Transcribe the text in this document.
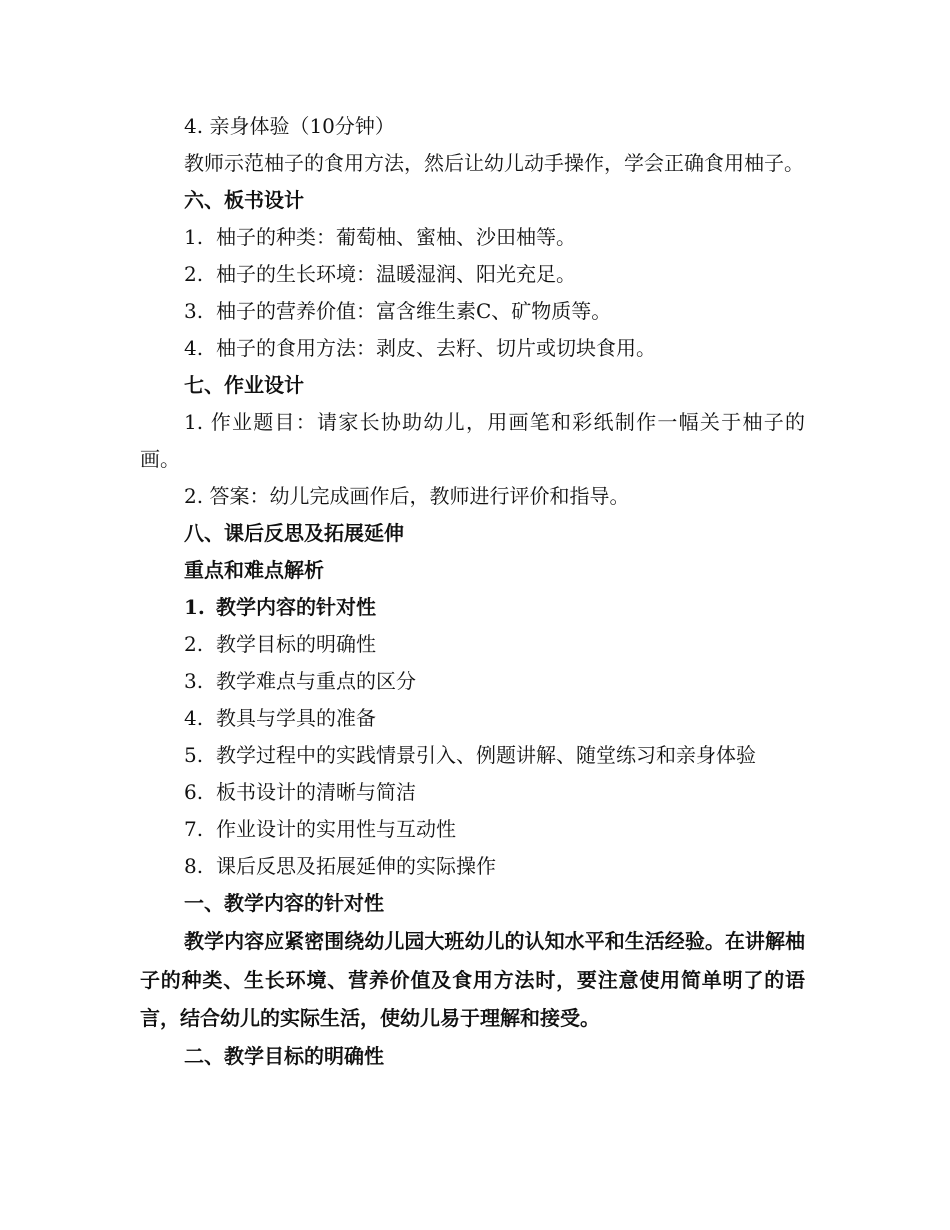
4. 亲身体验（10分钟）
教师示范柚子的食用方法，然后让幼儿动手操作，学会正确食用柚子。
六、板书设计
1. 柚子的种类：葡萄柚、蜜柚、沙田柚等。
2. 柚子的生长环境：温暖湿润、阳光充足。
3. 柚子的营养价值：富含维生素C、矿物质等。
4. 柚子的食用方法：剥皮、去籽、切片或切块食用。
七、作业设计
1. 作业题目：请家长协助幼儿，用画笔和彩纸制作一幅关于柚子的画。
2. 答案：幼儿完成画作后，教师进行评价和指导。
八、课后反思及拓展延伸
重点和难点解析
1. 教学内容的针对性
2. 教学目标的明确性
3. 教学难点与重点的区分
4. 教具与学具的准备
5. 教学过程中的实践情景引入、例题讲解、随堂练习和亲身体验
6. 板书设计的清晰与简洁
7. 作业设计的实用性与互动性
8. 课后反思及拓展延伸的实际操作
一、教学内容的针对性
教学内容应紧密围绕幼儿园大班幼儿的认知水平和生活经验。在讲解柚子的种类、生长环境、营养价值及食用方法时，要注意使用简单明了的语言，结合幼儿的实际生活，使幼儿易于理解和接受。
二、教学目标的明确性
